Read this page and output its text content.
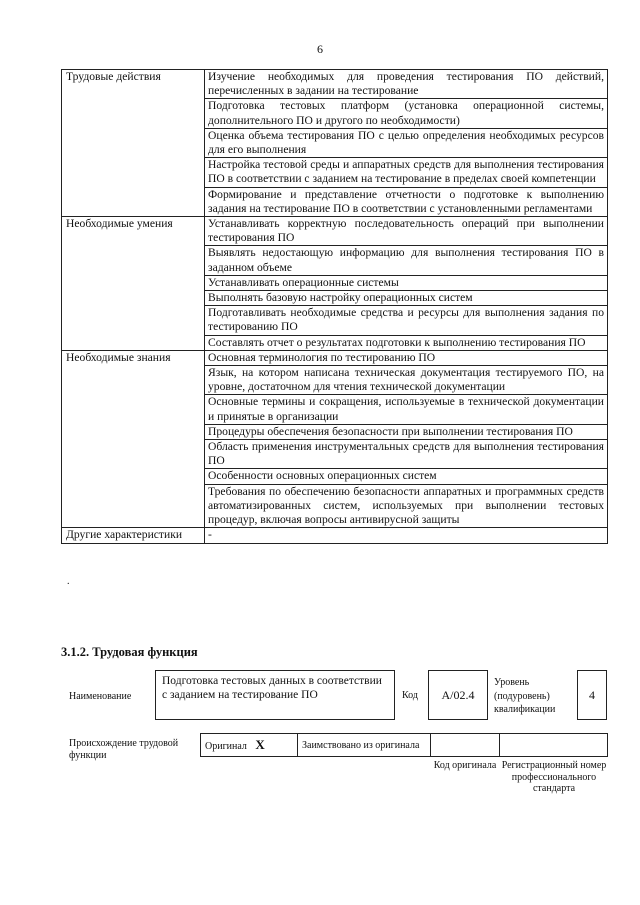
6
Трудовые действия	Изучение необходимых для проведения тестирования ПО действий, перечисленных в задании на тестирование
	Подготовка тестовых платформ (установка операционной системы, дополнительного ПО и другого по необходимости)
	Оценка объема тестирования ПО с целью определения необходимых ресурсов для его выполнения
	Настройка тестовой среды и аппаратных средств для выполнения тестирования ПО в соответствии с заданием на тестирование в пределах своей компетенции
	Формирование и представление отчетности о подготовке к выполнению задания на тестирование ПО в соответствии с установленными регламентами
Необходимые умения	Устанавливать корректную последовательность операций при выполнении тестирования ПО
	Выявлять недостающую информацию для выполнения тестирования ПО в заданном объеме
	Устанавливать операционные системы
	Выполнять базовую настройку операционных систем
	Подготавливать необходимые средства и ресурсы для выполнения задания по тестированию ПО
	Составлять отчет о результатах подготовки к выполнению тестирования ПО
Необходимые знания	Основная терминология по тестированию ПО
	Язык, на котором написана техническая документация тестируемого ПО, на уровне, достаточном для чтения технической документации
	Основные термины и сокращения, используемые в технической документации и принятые в организации
	Процедуры обеспечения безопасности при выполнении тестирования ПО
	Область применения инструментальных средств для выполнения тестирования ПО
	Особенности основных операционных систем
	Требования по обеспечению безопасности аппаратных и программных средств автоматизированных систем, используемых при выполнении тестовых процедур, включая вопросы антивирусной защиты
Другие характеристики	-
.
3.1.2. Трудовая функция
Наименование
Подготовка тестовых данных в соответствии с заданием на тестирование ПО	Код	А/02.4
Уровень (подуровень) квалификации
4
Происхождение трудовой функции
Оригинал X	Заимствовано из оригинала		
Код оригинала Регистрационный номер профессионального стандарта
